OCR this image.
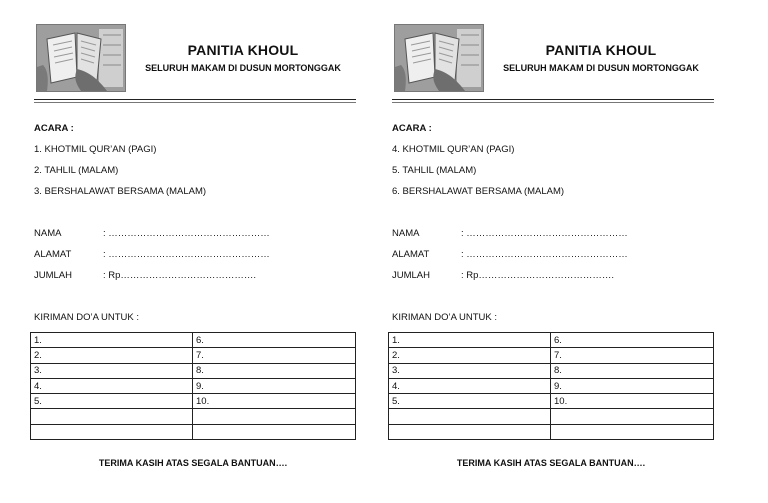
PANITIA KHOUL
SELURUH MAKAM DI DUSUN MORTONGGAK
ACARA :
1. KHOTMIL QUR’AN (PAGI)
2. TAHLIL (MALAM)
3. BERSHALAWAT BERSAMA (MALAM)
NAMA	: ……………………………………………
ALAMAT	: ……………………………………………
JUMLAH	: Rp…………………………………….
KIRIMAN DO’A UNTUK :
1.	6.
2.	7.
3.	8.
4.	9.
5.	10.

TERIMA KASIH ATAS SEGALA BANTUAN….
PANITIA KHOUL
SELURUH MAKAM DI DUSUN MORTONGGAK
ACARA :
4. KHOTMIL QUR’AN (PAGI)
5. TAHLIL (MALAM)
6. BERSHALAWAT BERSAMA (MALAM)
NAMA	: ……………………………………………
ALAMAT	: ……………………………………………
JUMLAH	: Rp…………………………………….
KIRIMAN DO’A UNTUK :
1.	6.
2.	7.
3.	8.
4.	9.
5.	10.

TERIMA KASIH ATAS SEGALA BANTUAN….
